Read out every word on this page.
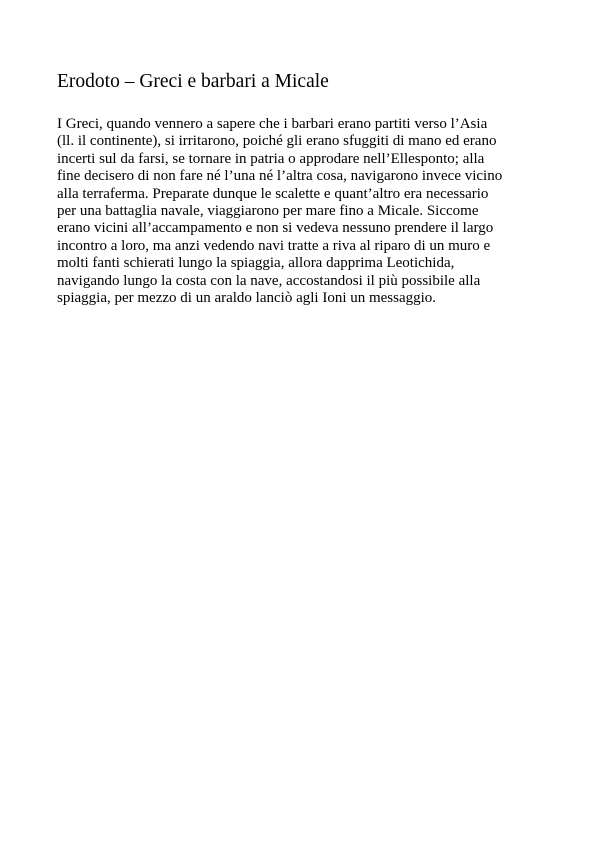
Erodoto – Greci e barbari a Micale

I Greci, quando vennero a sapere che i barbari erano partiti verso l’Asia
(ll. il continente), si irritarono, poiché gli erano sfuggiti di mano ed erano
incerti sul da farsi, se tornare in patria o approdare nell’Ellesponto; alla
fine decisero di non fare né l’una né l’altra cosa, navigarono invece vicino
alla terraferma. Preparate dunque le scalette e quant’altro era necessario
per una battaglia navale, viaggiarono per mare fino a Micale. Siccome
erano vicini all’accampamento e non si vedeva nessuno prendere il largo
incontro a loro, ma anzi vedendo navi tratte a riva al riparo di un muro e
molti fanti schierati lungo la spiaggia, allora dapprima Leotichida,
navigando lungo la costa con la nave, accostandosi il più possibile alla
spiaggia, per mezzo di un araldo lanciò agli Ioni un messaggio.
